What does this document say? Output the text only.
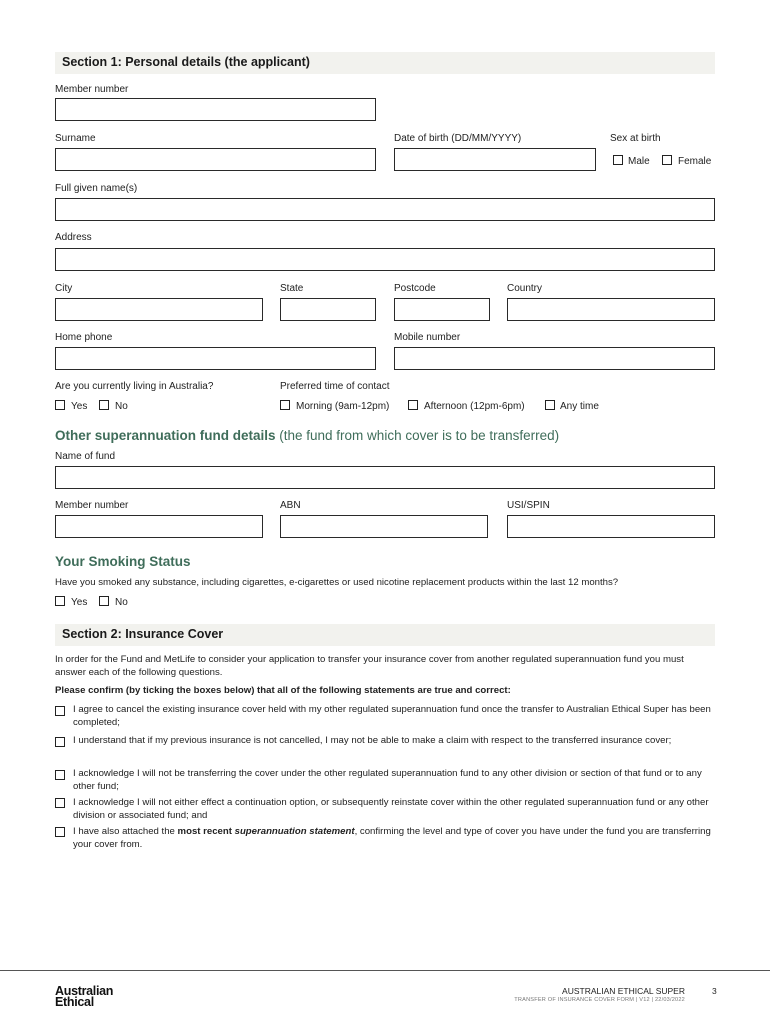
Section 1: Personal details (the applicant)
Member number
Surname	Date of birth (DD/MM/YYYY)	Sex at birth
Male	Female
Full given name(s)
Address
City	State	Postcode	Country
Home phone	Mobile number
Are you currently living in Australia?
Yes	No
Preferred time of contact
Morning (9am-12pm)	Afternoon (12pm-6pm)	Any time
Other superannuation fund details (the fund from which cover is to be transferred)
Name of fund
Member number	ABN	USI/SPIN
Your Smoking Status
Have you smoked any substance, including cigarettes, e-cigarettes or used nicotine replacement products within the last 12 months?
Yes	No
Section 2: Insurance Cover
In order for the Fund and MetLife to consider your application to transfer your insurance cover from another regulated superannuation fund you must answer each of the following questions.
Please confirm (by ticking the boxes below) that all of the following statements are true and correct:
I agree to cancel the existing insurance cover held with my other regulated superannuation fund once the transfer to Australian Ethical Super has been completed;
I understand that if my previous insurance is not cancelled, I may not be able to make a claim with respect to the transferred insurance cover;
I acknowledge I will not be transferring the cover under the other regulated superannuation fund to any other division or section of that fund or to any other fund;
I acknowledge I will not either effect a continuation option, or subsequently reinstate cover within the other regulated superannuation fund or any other division or associated fund; and
I have also attached the most recent superannuation statement, confirming the level and type of cover you have under the fund you are transferring your cover from.
Australian
Ethical
AUSTRALIAN ETHICAL SUPER
TRANSFER OF INSURANCE COVER FORM | V12 | 22/03/2022
3
